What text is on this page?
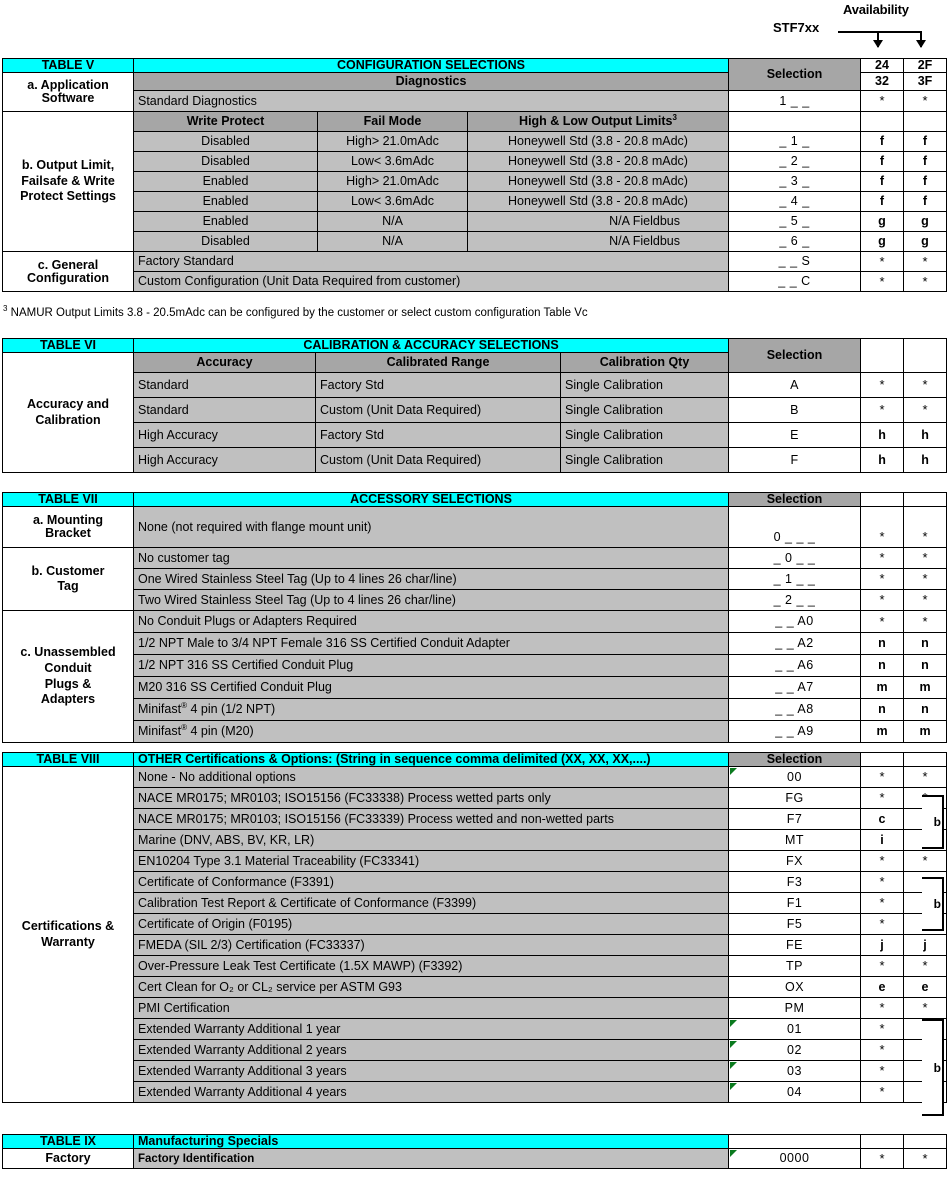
Availability
STF7xx
TABLE V	CONFIGURATION SELECTIONS			Selection	24	2F
a. Application
Software	Diagnostics				32	3F
	Standard Diagnostics			1 _ _	*	*

b. Output Limit,
Failsafe & Write
Protect Settings	Write Protect	Fail Mode	High & Low Output Limits$^3$			
	Disabled	High> 21.0mAdc	Honeywell Std (3.8 - 20.8 mAdc)	_ 1 _	f	f
	Disabled	Low< 3.6mAdc	Honeywell Std (3.8 - 20.8 mAdc)	_ 2 _	f	f
	Enabled	High> 21.0mAdc	Honeywell Std (3.8 - 20.8 mAdc)	_ 3 _	f	f
	Enabled	Low< 3.6mAdc	Honeywell Std (3.8 - 20.8 mAdc)	_ 4 _	f	f
	Enabled	N/A	N/A Fieldbus	_ 5 _	g	g
	Disabled	N/A	N/A Fieldbus	_ 6 _	g	g
c. General
Configuration	Factory Standard			_ _ S	*	*
	Custom Configuration (Unit Data Required from customer)			_ _ C	*	*
$^3$ NAMUR Output Limits 3.8 - 20.5mAdc can be configured by the customer or select custom configuration Table Vc
TABLE VI	CALIBRATION & ACCURACY SELECTIONS			Selection		

Accuracy and
Calibration	Accuracy	Calibrated Range	Calibration Qty			
	Standard	Factory Std	Single Calibration	A	*	*
	Standard	Custom (Unit Data Required)	Single Calibration	B	*	*
	High Accuracy	Factory Std	Single Calibration	E	h	h
	High Accuracy	Custom (Unit Data Required)	Single Calibration	F	h	h
TABLE VII	ACCESSORY SELECTIONS	Selection		
a. Mounting
Bracket	None (not required with flange mount unit)	0 _ _ _	*	*

b. Customer
Tag	No customer tag	_ 0 _ _	*	*
	One Wired Stainless Steel Tag (Up to 4 lines 26 char/line)	_ 1 _ _	*	*
	Two Wired Stainless Steel Tag (Up to 4 lines 26 char/line)	_ 2 _ _	*	*

c. Unassembled
Conduit
Plugs &
Adapters	No Conduit Plugs or Adapters Required	_ _ A0	*	*
	1/2 NPT Male to 3/4 NPT Female 316 SS Certified Conduit Adapter	_ _ A2	n	n
	1/2 NPT 316 SS Certified Conduit Plug	_ _ A6	n	n
	M20 316 SS Certified Conduit Plug	_ _ A7	m	m
	Minifast® 4 pin (1/2 NPT)	_ _ A8	n	n
	Minifast® 4 pin (M20)	_ _ A9	m	m
TABLE VIII	OTHER Certifications & Options: (String in sequence comma delimited (XX, XX, XX,....)	Selection		

Certifications &
Warranty	None - No additional options	00	*	*
	NACE MR0175; MR0103; ISO15156 (FC33338) Process wetted parts only	FG	*	
	NACE MR0175; MR0103; ISO15156 (FC33339) Process wetted and non-wetted parts	F7	c	
	Marine (DNV, ABS, BV, KR, LR)	MT	i	
	EN10204 Type 3.1 Material Traceability (FC33341)	FX	*	*
	Certificate of Conformance (F3391)	F3	*	
	Calibration Test Report & Certificate of Conformance (F3399)	F1	*	
	Certificate of Origin (F0195)	F5	*	
	FMEDA (SIL 2/3) Certification (FC33337)	FE	j	j
	Over-Pressure Leak Test Certificate (1.5X MAWP) (F3392)	TP	*	*
	Cert Clean for O₂ or CL₂ service per ASTM G93	OX	e	e
	PMI Certification	PM	*	*
	Extended Warranty Additional 1 year	01	*	
	Extended Warranty Additional 2 years	02	*	
	Extended Warranty Additional 3 years	03	*	
	Extended Warranty Additional 4 years	04	*	
b
b
b
TABLE IX	Manufacturing Specials			
Factory	Factory Identification	0000	*	*
